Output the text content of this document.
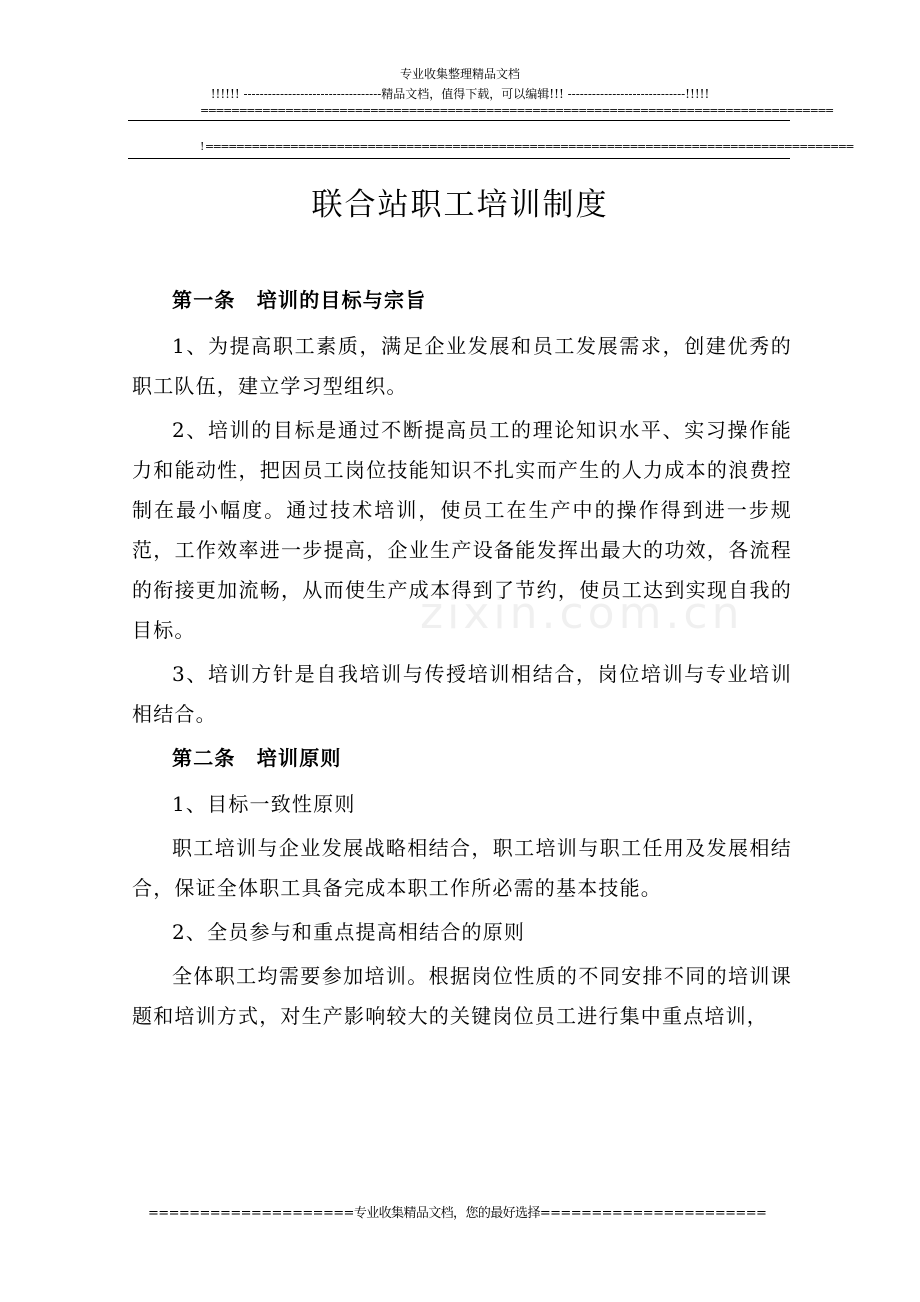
专业收集整理精品文档
!!!!!! ----------------------------------精品文档，值得下载，可以编辑!!! -----------------------------!!!!!
==================================================================================
! ====================================================================================
zixin.com.cn
联合站职工培训制度

第一条　培训的目标与宗旨

1、为提高职工素质，满足企业发展和员工发展需求，创建优秀的职工队伍，建立学习型组织。

2、培训的目标是通过不断提高员工的理论知识水平、实习操作能力和能动性，把因员工岗位技能知识不扎实而产生的人力成本的浪费控制在最小幅度。通过技术培训，使员工在生产中的操作得到进一步规范，工作效率进一步提高，企业生产设备能发挥出最大的功效，各流程的衔接更加流畅，从而使生产成本得到了节约，使员工达到实现自我的目标。

3、培训方针是自我培训与传授培训相结合，岗位培训与专业培训相结合。

第二条　培训原则

1、目标一致性原则

职工培训与企业发展战略相结合，职工培训与职工任用及发展相结合，保证全体职工具备完成本职工作所必需的基本技能。

2、全员参与和重点提高相结合的原则

全体职工均需要参加培训。根据岗位性质的不同安排不同的培训课题和培训方式，对生产影响较大的关键岗位员工进行集中重点培训，

====================专业收集精品文档，您的最好选择======================
